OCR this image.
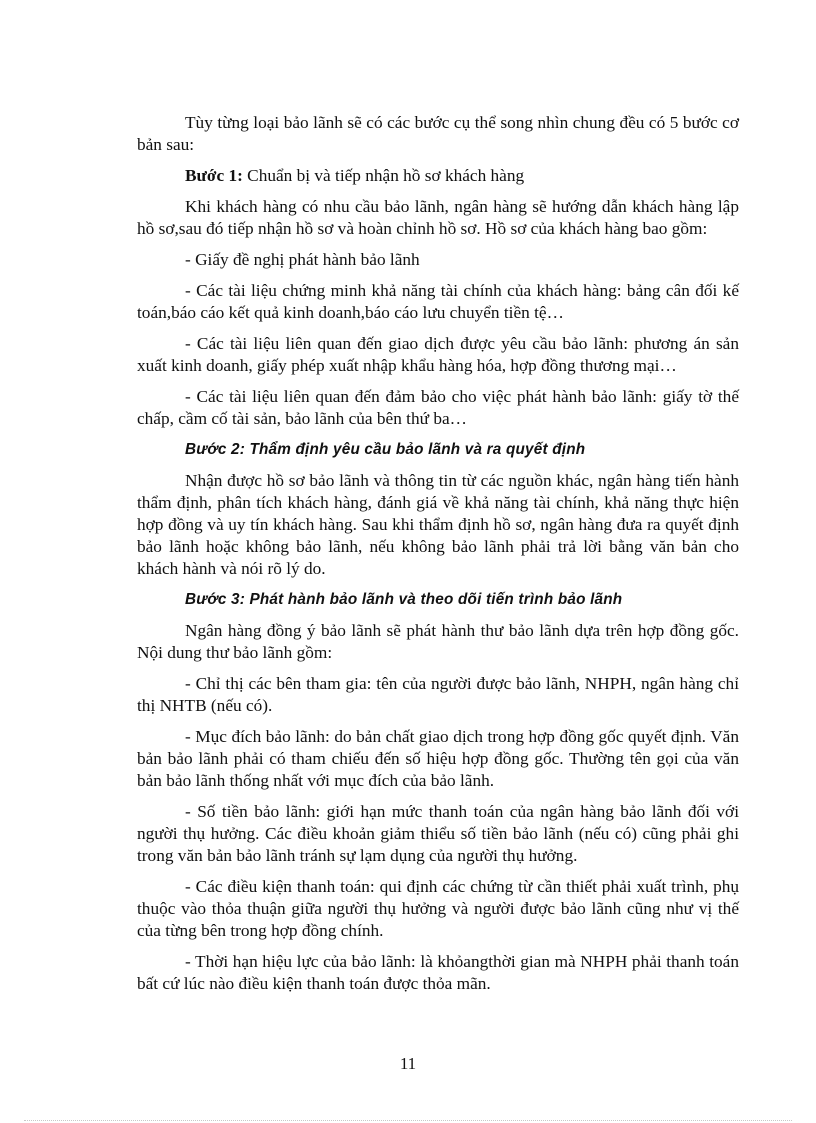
Tùy từng loại bảo lãnh sẽ có các bước cụ thể song nhìn chung đều có 5 bước cơ bản sau:

Bước 1: Chuẩn bị và tiếp nhận hồ sơ khách hàng

Khi khách hàng có nhu cầu bảo lãnh, ngân hàng sẽ hướng dẫn khách hàng lập hồ sơ,sau đó tiếp nhận hồ sơ và hoàn chỉnh hồ sơ. Hồ sơ của khách hàng bao gồm:

- Giấy đề nghị phát hành bảo lãnh

- Các tài liệu chứng minh khả năng tài chính của khách hàng: bảng cân đối kế toán,báo cáo kết quả kinh doanh,báo cáo lưu chuyển tiền tệ…

- Các tài liệu liên quan đến giao dịch được yêu cầu bảo lãnh: phương án sản xuất kinh doanh, giấy phép xuất nhập khẩu hàng hóa, hợp đồng thương mại…

- Các tài liệu liên quan đến đảm bảo cho việc phát hành bảo lãnh: giấy tờ thế chấp, cầm cố tài sản, bảo lãnh của bên thứ ba…

Bước 2: Thẩm định yêu cầu bảo lãnh và ra quyết định

Nhận được hồ sơ bảo lãnh và thông tin từ các nguồn khác, ngân hàng tiến hành thẩm định, phân tích khách hàng, đánh giá về khả năng tài chính, khả năng thực hiện hợp đồng và uy tín khách hàng. Sau khi thẩm định hồ sơ, ngân hàng đưa ra quyết định bảo lãnh hoặc không bảo lãnh, nếu không bảo lãnh phải trả lời bằng văn bản cho khách hành và nói rõ lý do.

Bước 3: Phát hành bảo lãnh và theo dõi tiến trình bảo lãnh

Ngân hàng đồng ý bảo lãnh sẽ phát hành thư bảo lãnh dựa trên hợp đồng gốc. Nội dung thư bảo lãnh gồm:

- Chỉ thị các bên tham gia: tên của người được bảo lãnh, NHPH, ngân hàng chỉ thị NHTB (nếu có).

- Mục đích bảo lãnh: do bản chất giao dịch trong hợp đồng gốc quyết định. Văn bản bảo lãnh phải có tham chiếu đến số hiệu hợp đồng gốc. Thường tên gọi của văn bản bảo lãnh thống nhất với mục đích của bảo lãnh.

- Số tiền bảo lãnh: giới hạn mức thanh toán của ngân hàng bảo lãnh đối với người thụ hưởng. Các điều khoản giảm thiểu số tiền bảo lãnh (nếu có) cũng phải ghi trong văn bản bảo lãnh tránh sự lạm dụng của người thụ hưởng.

- Các điều kiện thanh toán: qui định các chứng từ cần thiết phải xuất trình, phụ thuộc vào thỏa thuận giữa người thụ hưởng và người được bảo lãnh cũng như vị thế của từng bên trong hợp đồng chính.

- Thời hạn hiệu lực của bảo lãnh: là khỏangthời gian mà NHPH phải thanh toán bất cứ lúc nào điều kiện thanh toán được thỏa mãn.

11
